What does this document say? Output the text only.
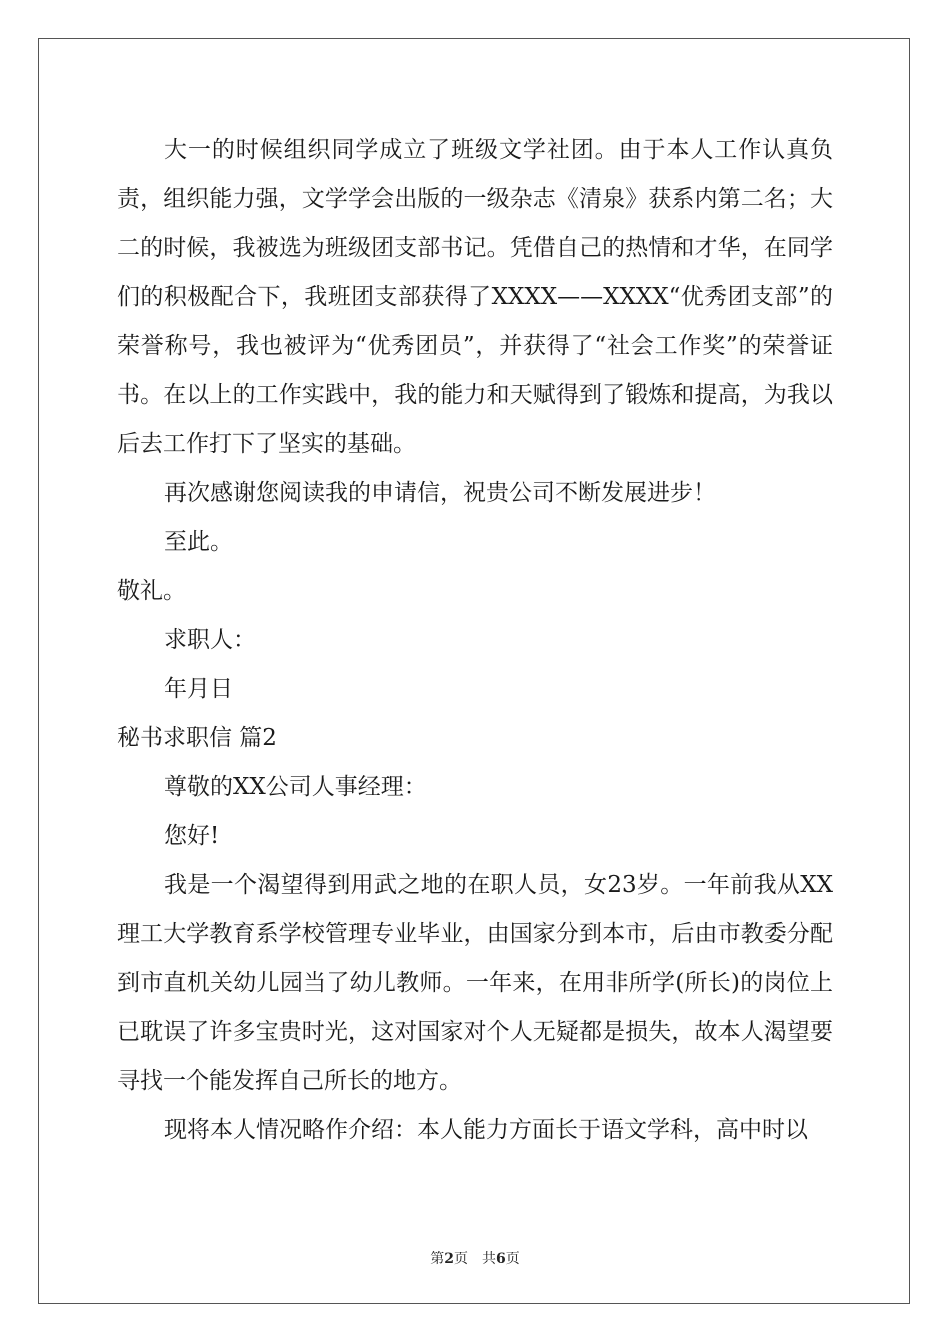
大一的时候组织同学成立了班级文学社团。由于本人工作认真负责，组织能力强，文学学会出版的一级杂志《清泉》获系内第二名；大二的时候，我被选为班级团支部书记。凭借自己的热情和才华，在同学们的积极配合下，我班团支部获得了XXXX——XXXX“优秀团支部”的荣誉称号，我也被评为“优秀团员”，并获得了“社会工作奖”的荣誉证书。在以上的工作实践中，我的能力和天赋得到了锻炼和提高，为我以后去工作打下了坚实的基础。

再次感谢您阅读我的申请信，祝贵公司不断发展进步！

至此。

敬礼。

求职人：

年月日

秘书求职信 篇2

尊敬的XX公司人事经理：

您好!

我是一个渴望得到用武之地的在职人员，女23岁。一年前我从XX理工大学教育系学校管理专业毕业，由国家分到本市，后由市教委分配到市直机关幼儿园当了幼儿教师。一年来，在用非所学(所长)的岗位上已耽误了许多宝贵时光，这对国家对个人无疑都是损失，故本人渴望要寻找一个能发挥自己所长的地方。

现将本人情况略作介绍：本人能力方面长于语文学科，高中时以

第2页 共6页
